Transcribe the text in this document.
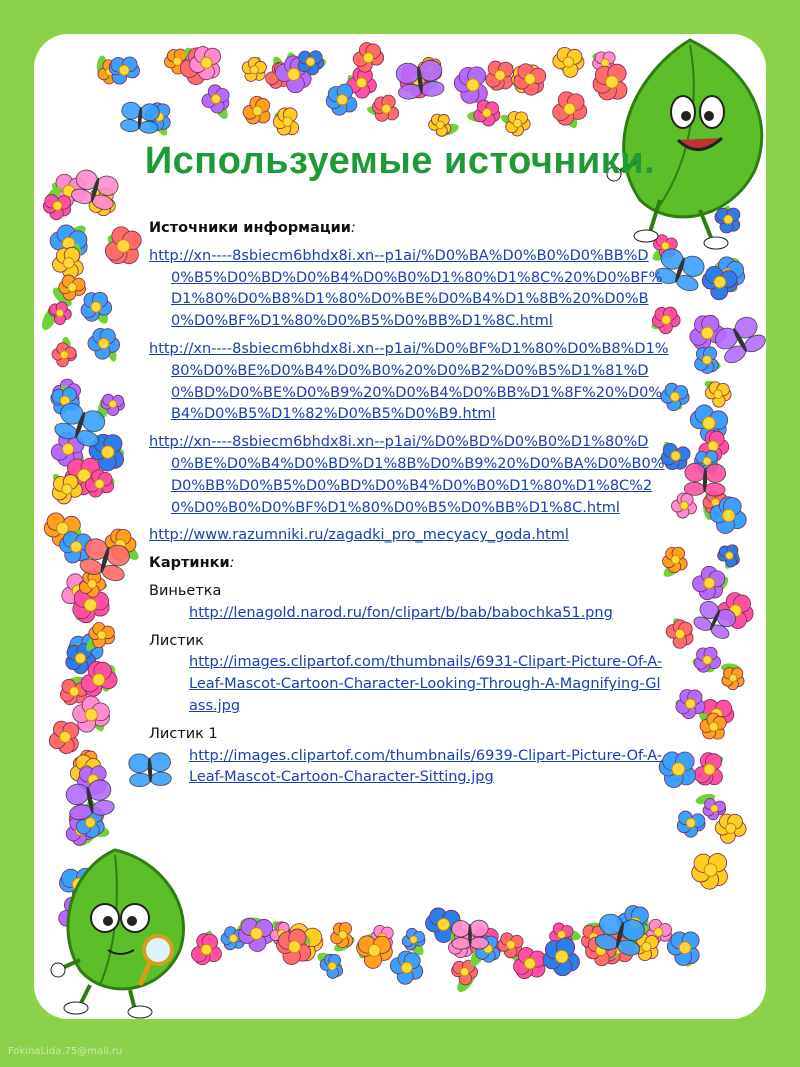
Используемые источники.

Источники информации:

http://xn----8sbiecm6bhdx8i.xn--p1ai/%D0%BA%D0%B0%D0%BB%D0%B5%D0%BD%D0%B4%D0%B0%D1%80%D1%8C%20%D0%BF%D1%80%D0%B8%D1%80%D0%BE%D0%B4%D1%8B%20%D0%B0%D0%BF%D1%80%D0%B5%D0%BB%D1%8C.html

http://xn----8sbiecm6bhdx8i.xn--p1ai/%D0%BF%D1%80%D0%B8%D1%80%D0%BE%D0%B4%D0%B0%20%D0%B2%D0%B5%D1%81%D0%BD%D0%BE%D0%B9%20%D0%B4%D0%BB%D1%8F%20%D0%B4%D0%B5%D1%82%D0%B5%D0%B9.html

http://xn----8sbiecm6bhdx8i.xn--p1ai/%D0%BD%D0%B0%D1%80%D0%BE%D0%B4%D0%BD%D1%8B%D0%B9%20%D0%BA%D0%B0%D0%BB%D0%B5%D0%BD%D0%B4%D0%B0%D1%80%D1%8C%20%D0%B0%D0%BF%D1%80%D0%B5%D0%BB%D1%8C.html

http://www.razumniki.ru/zagadki_pro_mecyacy_goda.html

Картинки:

Виньетка

http://lenagold.narod.ru/fon/clipart/b/bab/babochka51.png

Листик

http://images.clipartof.com/thumbnails/6931-Clipart-Picture-Of-A-Leaf-Mascot-Cartoon-Character-Looking-Through-A-Magnifying-Glass.jpg

Листик 1

http://images.clipartof.com/thumbnails/6939-Clipart-Picture-Of-A-Leaf-Mascot-Cartoon-Character-Sitting.jpg

FokinaLida.75@mail.ru
